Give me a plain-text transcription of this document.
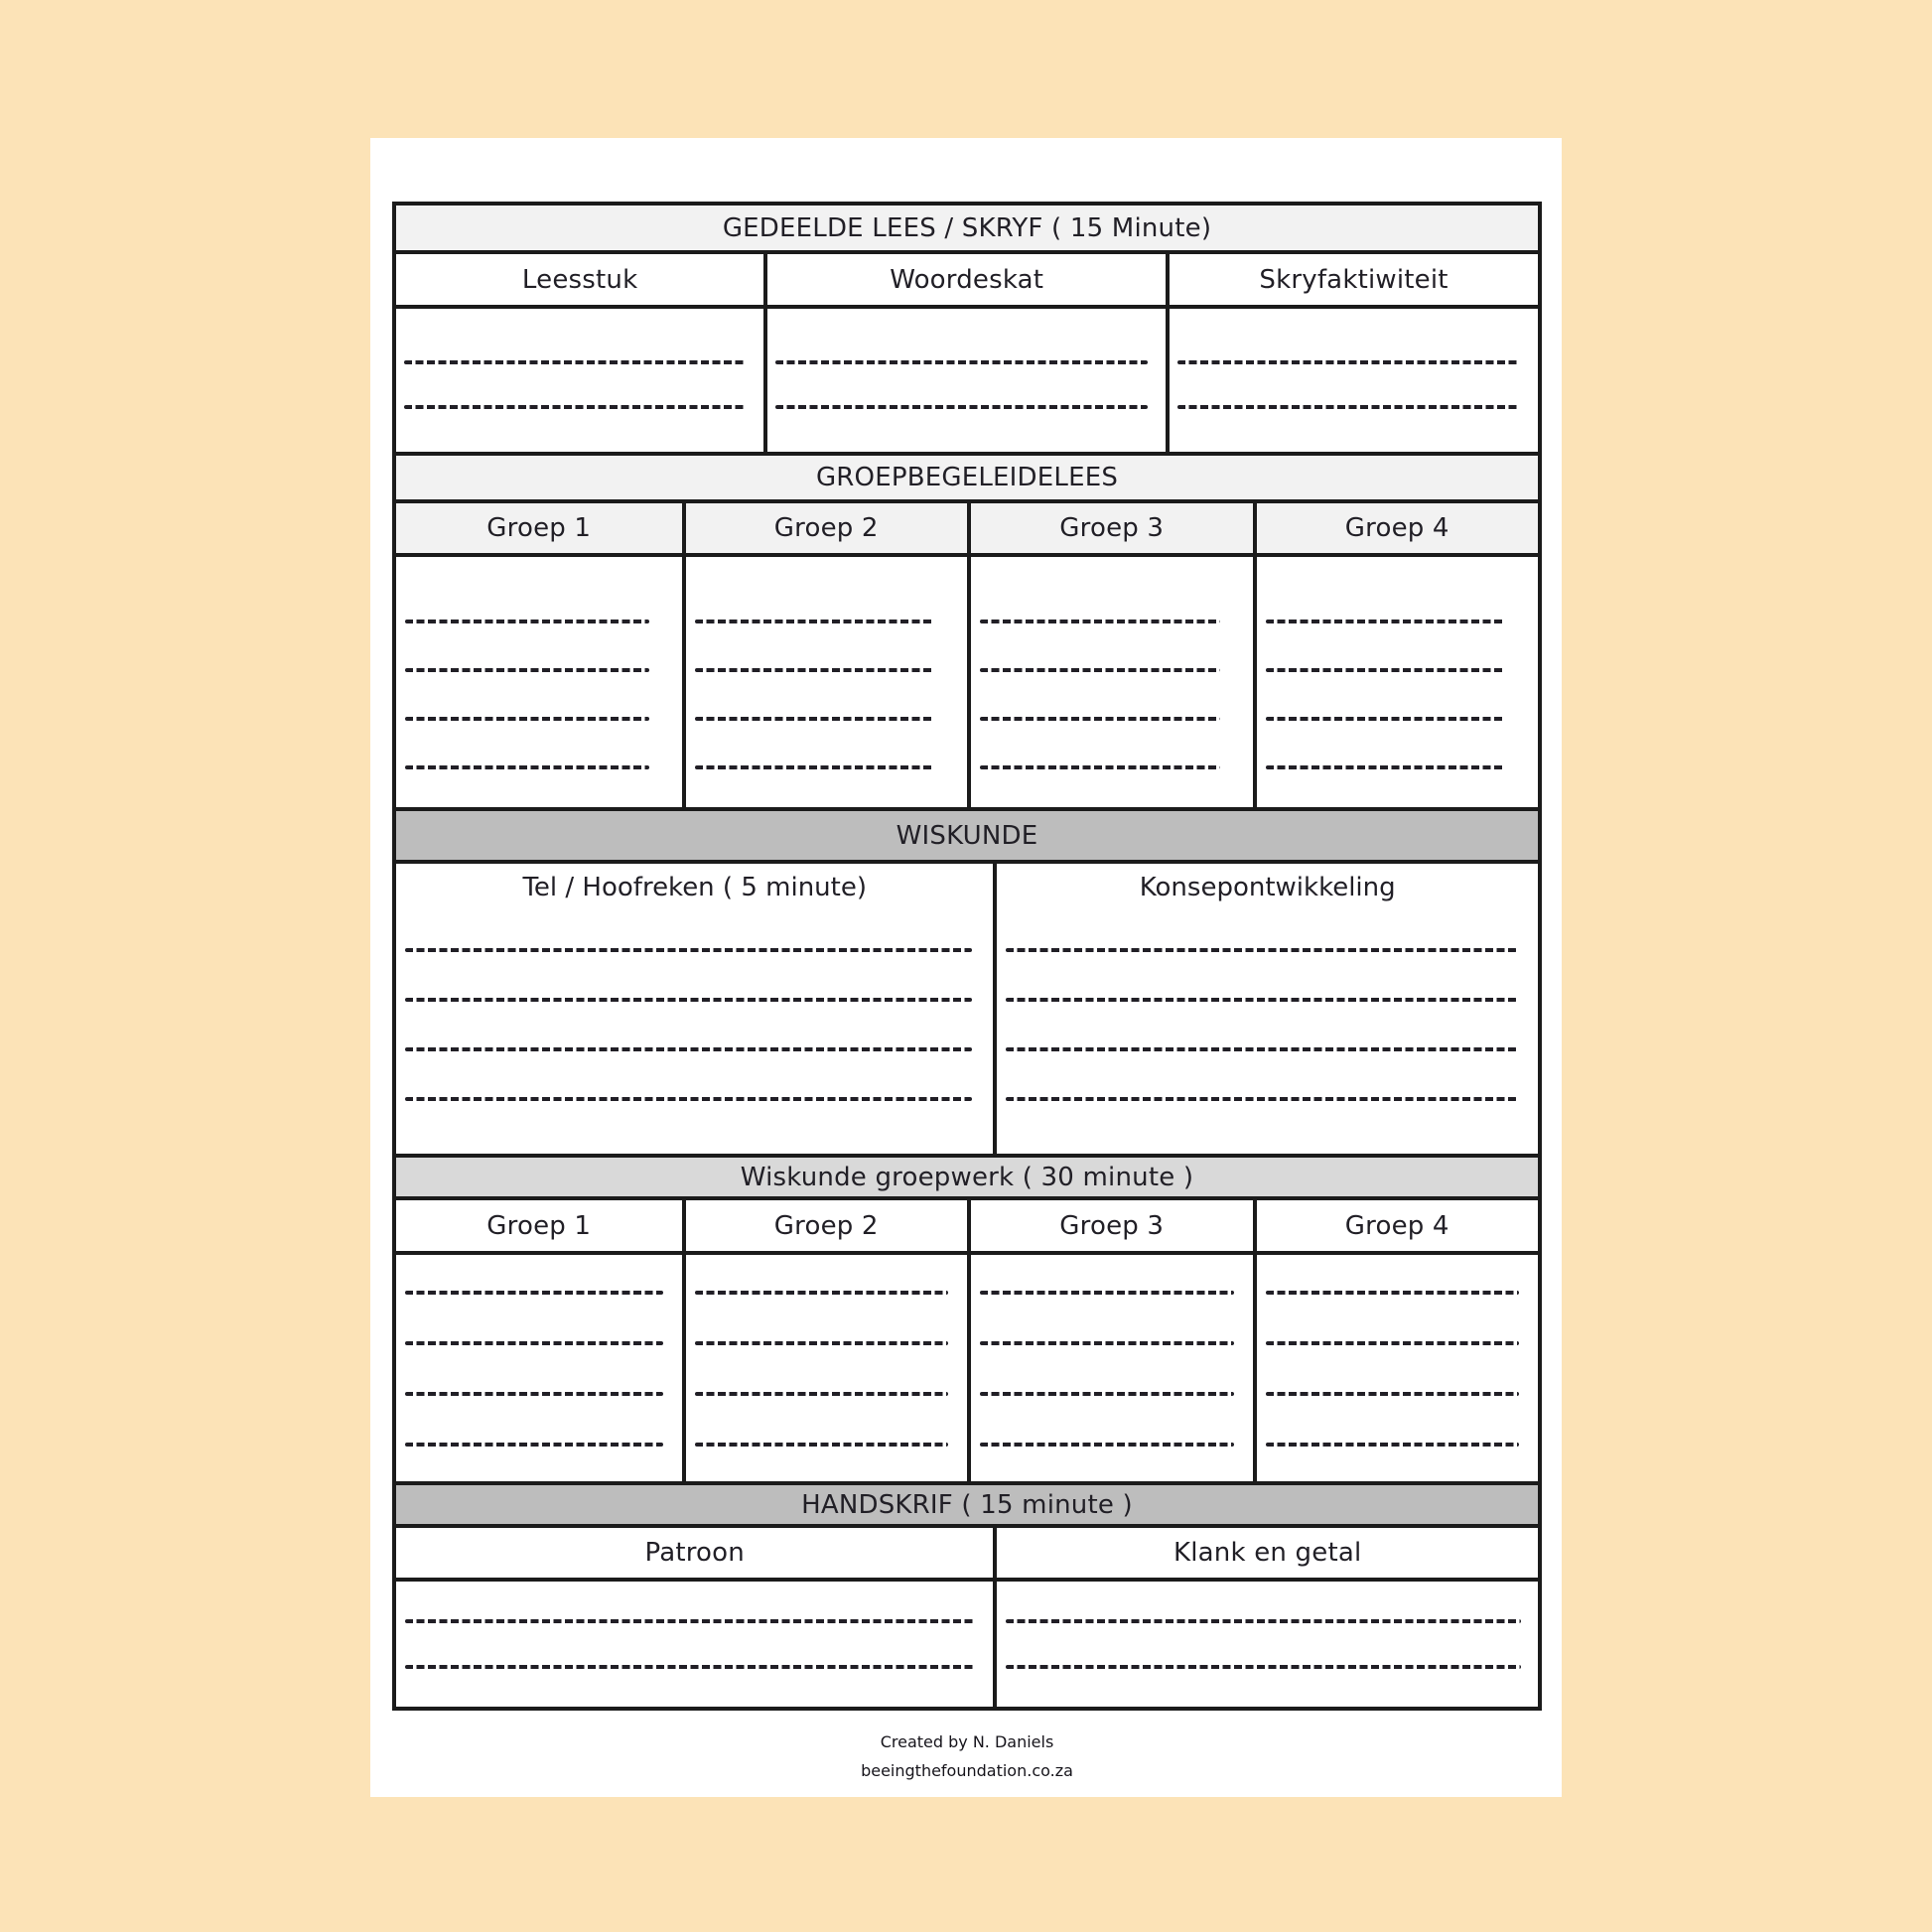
GEDEELDE LEES / SKRYF ( 15 Minute)
Leesstuk	Woordeskat	Skryfaktiwiteit
GROEPBEGELEIDELEES
Groep 1	Groep 2	Groep 3	Groep 4
WISKUNDE
Tel / Hoofreken ( 5 minute)	Konsepontwikkeling
Wiskunde groepwerk ( 30 minute )
Groep 1	Groep 2	Groep 3	Groep 4
HANDSKRIF ( 15 minute )
Patroon	Klank en getal
Created by N. Daniels
beeingthefoundation.co.za
